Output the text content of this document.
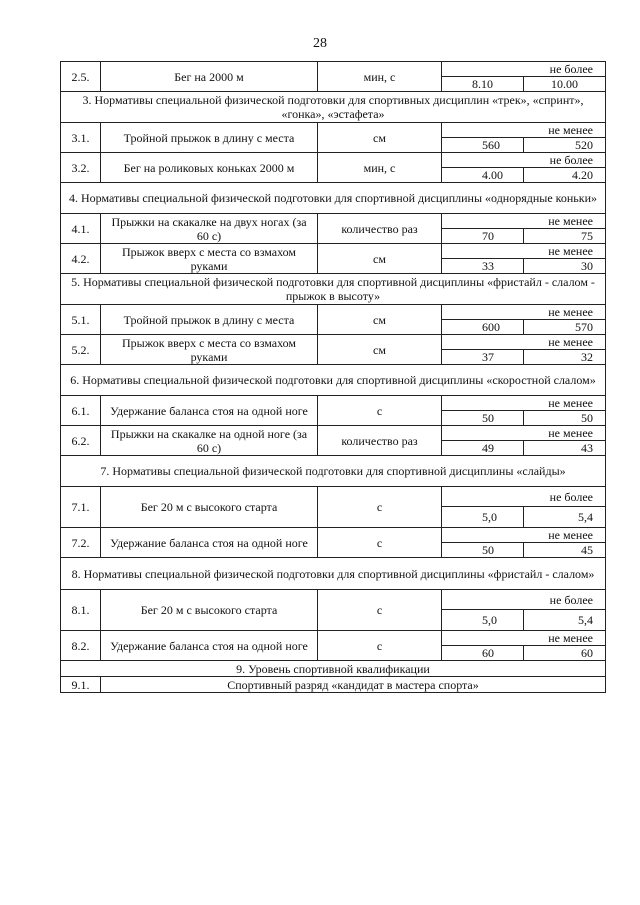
28
2.5.	Бег на 2000 м	мин, с	не более	
			8.10	10.00
3. Нормативы специальной физической подготовки для спортивных дисциплин «трек», «спринт», «гонка», «эстафета»				
3.1.	Тройной прыжок в длину с места	см	не менее	
			560	520
3.2.	Бег на роликовых коньках 2000 м	мин, с	не более	
			4.00	4.20
4. Нормативы специальной физической подготовки для спортивной дисциплины «однорядные коньки»				
4.1.	Прыжки на скакалке на двух ногах (за 60 с)	количество раз	не менее	
			70	75
4.2.	Прыжок вверх с места со взмахом руками	см	не менее	
			33	30
5. Нормативы специальной физической подготовки для спортивной дисциплины «фристайл - слалом - прыжок в высоту»				
5.1.	Тройной прыжок в длину с места	см	не менее	
			600	570
5.2.	Прыжок вверх с места со взмахом руками	см	не менее	
			37	32
6. Нормативы специальной физической подготовки для спортивной дисциплины «скоростной слалом»				
6.1.	Удержание баланса стоя на одной ноге	с	не менее	
			50	50
6.2.	Прыжки на скакалке на одной ноге (за 60 с)	количество раз	не менее	
			49	43
7. Нормативы специальной физической подготовки для спортивной дисциплины «слайды»				
7.1.	Бег 20 м с высокого старта	с	не более	
			5,0	5,4
7.2.	Удержание баланса стоя на одной ноге	с	не менее	
			50	45
8. Нормативы специальной физической подготовки для спортивной дисциплины «фристайл - слалом»				
8.1.	Бег 20 м с высокого старта	с	не более	
			5,0	5,4
8.2.	Удержание баланса стоя на одной ноге	с	не менее	
			60	60
9. Уровень спортивной квалификации				
9.1.	Спортивный разряд «кандидат в мастера спорта»			
